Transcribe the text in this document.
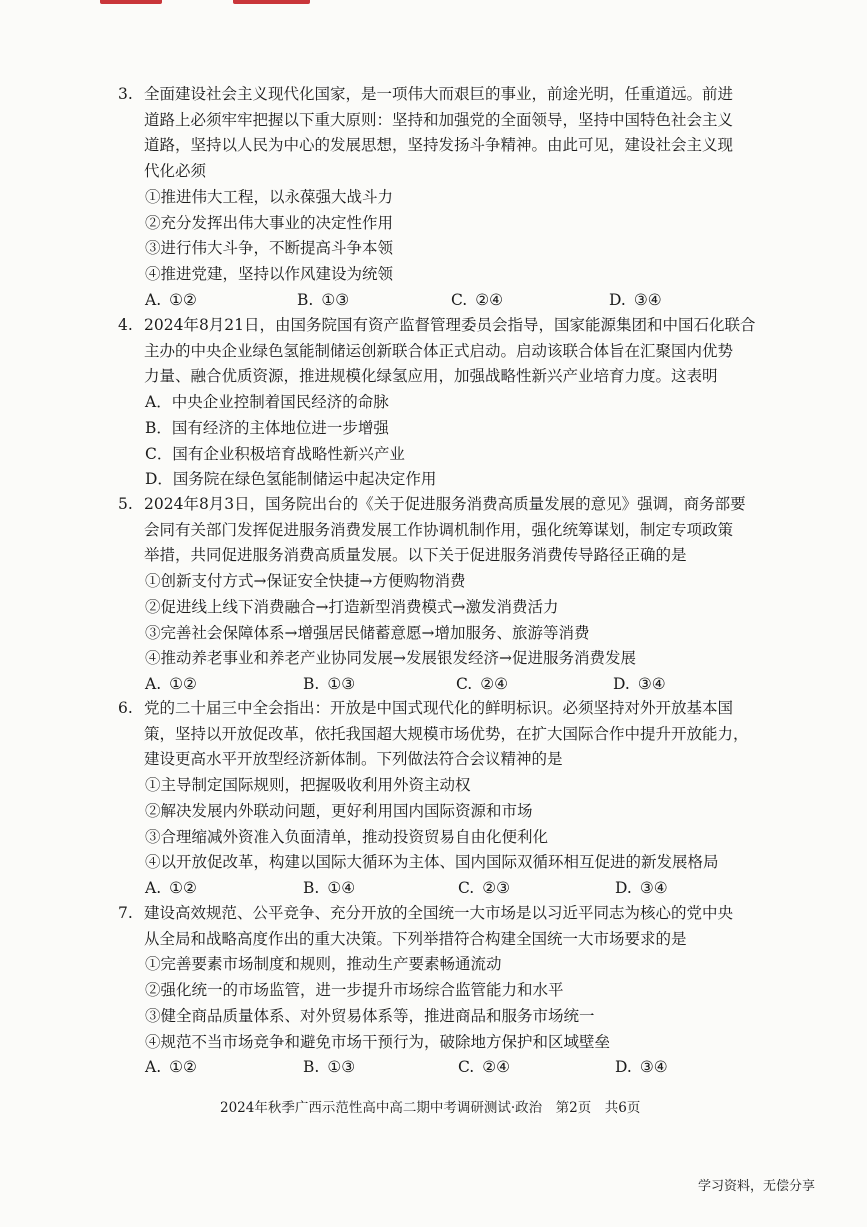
3. 全面建设社会主义现代化国家，是一项伟大而艰巨的事业，前途光明，任重道远。前进
道路上必须牢牢把握以下重大原则：坚持和加强党的全面领导，坚持中国特色社会主义
道路，坚持以人民为中心的发展思想，坚持发扬斗争精神。由此可见，建设社会主义现
代化必须
①推进伟大工程，以永葆强大战斗力
②充分发挥出伟大事业的决定性作用
③进行伟大斗争，不断提高斗争本领
④推进党建，坚持以作风建设为统领
A. ①②	B. ①③	C. ②④	D. ③④
4. 2024年8月21日，由国务院国有资产监督管理委员会指导，国家能源集团和中国石化联合
主办的中央企业绿色氢能制储运创新联合体正式启动。启动该联合体旨在汇聚国内优势
力量、融合优质资源，推进规模化绿氢应用，加强战略性新兴产业培育力度。这表明
A．中央企业控制着国民经济的命脉
B．国有经济的主体地位进一步增强
C．国有企业积极培育战略性新兴产业
D．国务院在绿色氢能制储运中起决定作用
5. 2024年8月3日，国务院出台的《关于促进服务消费高质量发展的意见》强调，商务部要
会同有关部门发挥促进服务消费发展工作协调机制作用，强化统筹谋划，制定专项政策
举措，共同促进服务消费高质量发展。以下关于促进服务消费传导路径正确的是
①创新支付方式→保证安全快捷→方便购物消费
②促进线上线下消费融合→打造新型消费模式→激发消费活力
③完善社会保障体系→增强居民储蓄意愿→增加服务、旅游等消费
④推动养老事业和养老产业协同发展→发展银发经济→促进服务消费发展
A. ①②	B. ①③	C. ②④	D. ③④
6. 党的二十届三中全会指出：开放是中国式现代化的鲜明标识。必须坚持对外开放基本国
策，坚持以开放促改革，依托我国超大规模市场优势，在扩大国际合作中提升开放能力，
建设更高水平开放型经济新体制。下列做法符合会议精神的是
①主导制定国际规则，把握吸收利用外资主动权
②解决发展内外联动问题，更好利用国内国际资源和市场
③合理缩减外资准入负面清单，推动投资贸易自由化便利化
④以开放促改革，构建以国际大循环为主体、国内国际双循环相互促进的新发展格局
A. ①②	B. ①④	C. ②③	D. ③④
7. 建设高效规范、公平竞争、充分开放的全国统一大市场是以习近平同志为核心的党中央
从全局和战略高度作出的重大决策。下列举措符合构建全国统一大市场要求的是
①完善要素市场制度和规则，推动生产要素畅通流动
②强化统一的市场监管，进一步提升市场综合监管能力和水平
③健全商品质量体系、对外贸易体系等，推进商品和服务市场统一
④规范不当市场竞争和避免市场干预行为，破除地方保护和区域壁垒
A. ①②	B. ①③	C. ②④	D. ③④
2024年秋季广西示范性高中高二期中考调研测试·政治　第2页　共6页
学习资料，无偿分享
